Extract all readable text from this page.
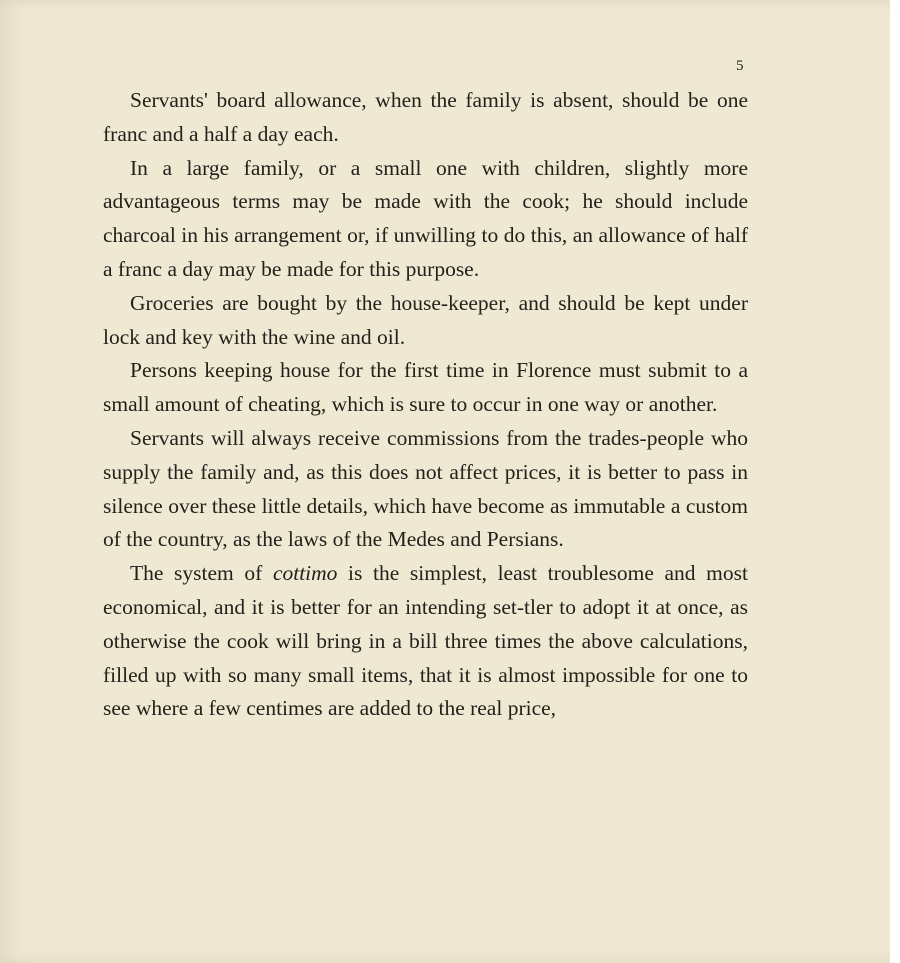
5

Servants' board allowance, when the family is absent, should be one franc and a half a day each.

In a large family, or a small one with children, slightly more advantageous terms may be made with the cook; he should include charcoal in his arrangement or, if unwilling to do this, an allowance of half a franc a day may be made for this purpose.

Groceries are bought by the house-keeper, and should be kept under lock and key with the wine and oil.

Persons keeping house for the first time in Florence must submit to a small amount of cheating, which is sure to occur in one way or another.

Servants will always receive commissions from the trades-people who supply the family and, as this does not affect prices, it is better to pass in silence over these little details, which have become as immutable a custom of the country, as the laws of the Medes and Persians.

The system of cottimo is the simplest, least troublesome and most economical, and it is better for an intending set-tler to adopt it at once, as otherwise the cook will bring in a bill three times the above calculations, filled up with so many small items, that it is almost impossible for one to see where a few centimes are added to the real price,
